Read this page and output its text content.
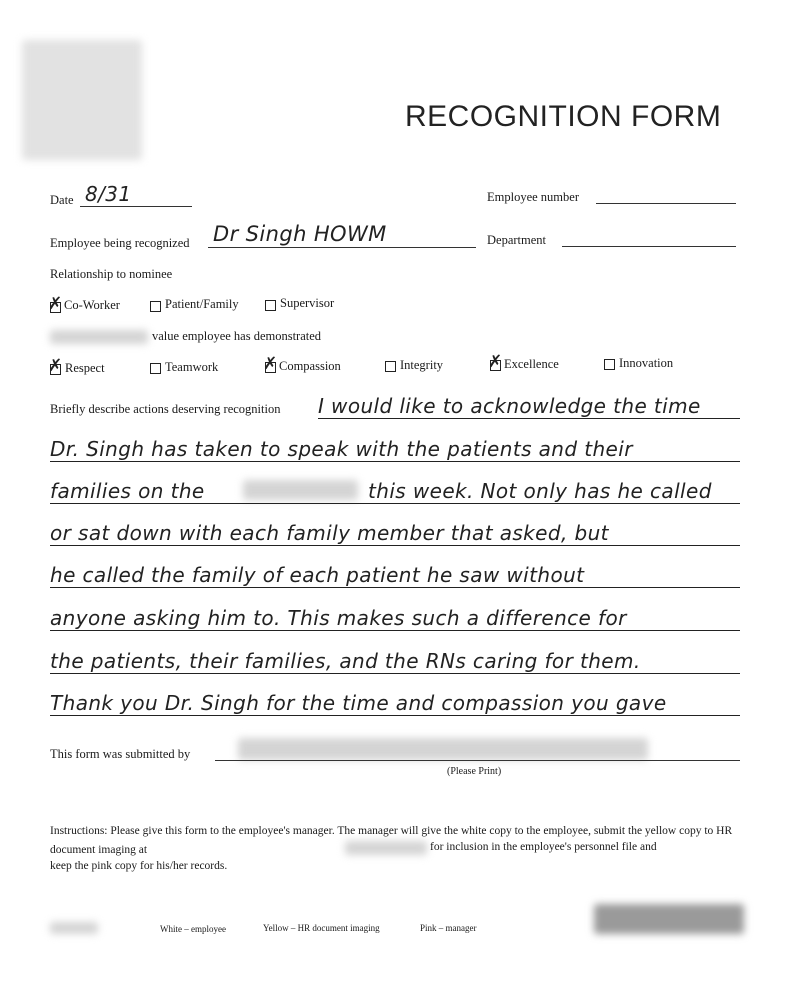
RECOGNITION FORM
Date 8/31	Employee number
Employee being recognized Dr Singh HOWM	Department
Relationship to nominee
✗ Co-Worker	Patient/Family	Supervisor
value employee has demonstrated
✗ Respect	Teamwork	✗ Compassion	Integrity	✗ Excellence	Innovation
Briefly describe actions deserving recognition I would like to acknowledge the time
Dr. Singh has taken to speak with the patients and their
families on the	this week. Not only has he called
or sat down with each family member that asked, but
he called the family of each patient he saw without
anyone asking him to. This makes such a difference for
the patients, their families, and the RNs caring for them.
Thank you Dr. Singh for the time and compassion you gave
This form was submitted by
(Please Print)
Instructions: Please give this form to the employee's manager. The manager will give the white copy to the employee, submit the yellow copy to HR document imaging at	for inclusion in the employee's personnel file and
keep the pink copy for his/her records.
White – employee	Yellow – HR document imaging	Pink – manager
